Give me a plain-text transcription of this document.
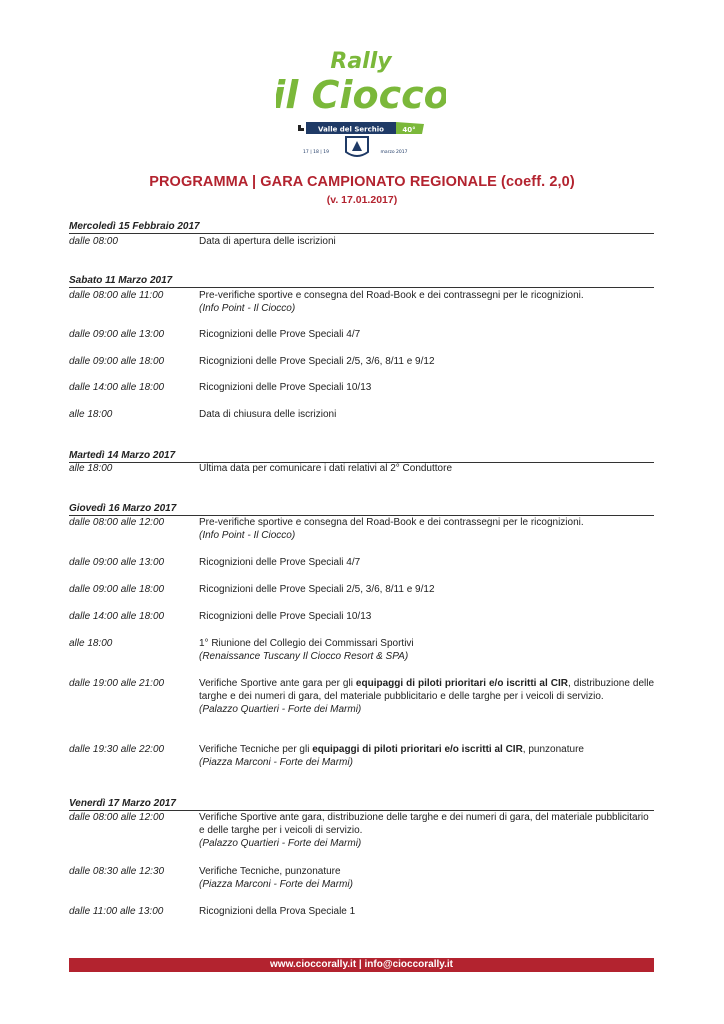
Rally
il Ciocco
Valle del Serchio	40°
17 | 18 | 19	marzo 2017
PROGRAMMA | GARA CAMPIONATO REGIONALE (coeff. 2,0)
(v. 17.01.2017)
Mercoledì 15 Febbraio 2017
dalle 08:00	Data di apertura delle iscrizioni
Sabato 11 Marzo 2017
dalle 08:00 alle 11:00	Pre-verifiche sportive e consegna del Road-Book e dei contrassegni per le ricognizioni.
(Info Point - Il Ciocco)
dalle 09:00 alle 13:00	Ricognizioni delle Prove Speciali 4/7
dalle 09:00 alle 18:00	Ricognizioni delle Prove Speciali 2/5, 3/6, 8/11 e 9/12
dalle 14:00 alle 18:00	Ricognizioni delle Prove Speciali 10/13
alle 18:00	Data di chiusura delle iscrizioni
Martedì 14 Marzo 2017
alle 18:00	Ultima data per comunicare i dati relativi al 2° Conduttore
Giovedì 16 Marzo 2017
dalle 08:00 alle 12:00	Pre-verifiche sportive e consegna del Road-Book e dei contrassegni per le ricognizioni.
(Info Point - Il Ciocco)
dalle 09:00 alle 13:00	Ricognizioni delle Prove Speciali 4/7
dalle 09:00 alle 18:00	Ricognizioni delle Prove Speciali 2/5, 3/6, 8/11 e 9/12
dalle 14:00 alle 18:00	Ricognizioni delle Prove Speciali 10/13
alle 18:00	1° Riunione del Collegio dei Commissari Sportivi
(Renaissance Tuscany Il Ciocco Resort & SPA)
dalle 19:00 alle 21:00	Verifiche Sportive ante gara per gli equipaggi di piloti prioritari e/o iscritti al CIR, distribuzione delle targhe e dei numeri di gara, del materiale pubblicitario e delle targhe per i veicoli di servizio.
(Palazzo Quartieri - Forte dei Marmi)
dalle 19:30 alle 22:00	Verifiche Tecniche per gli equipaggi di piloti prioritari e/o iscritti al CIR, punzonature
(Piazza Marconi - Forte dei Marmi)
Venerdì 17 Marzo 2017
dalle 08:00 alle 12:00	Verifiche Sportive ante gara, distribuzione delle targhe e dei numeri di gara, del materiale pubblicitario e delle targhe per i veicoli di servizio.
(Palazzo Quartieri - Forte dei Marmi)
dalle 08:30 alle 12:30	Verifiche Tecniche, punzonature
(Piazza Marconi - Forte dei Marmi)
dalle 11:00 alle 13:00	Ricognizioni della Prova Speciale 1
www.cioccorally.it | info@cioccorally.it
